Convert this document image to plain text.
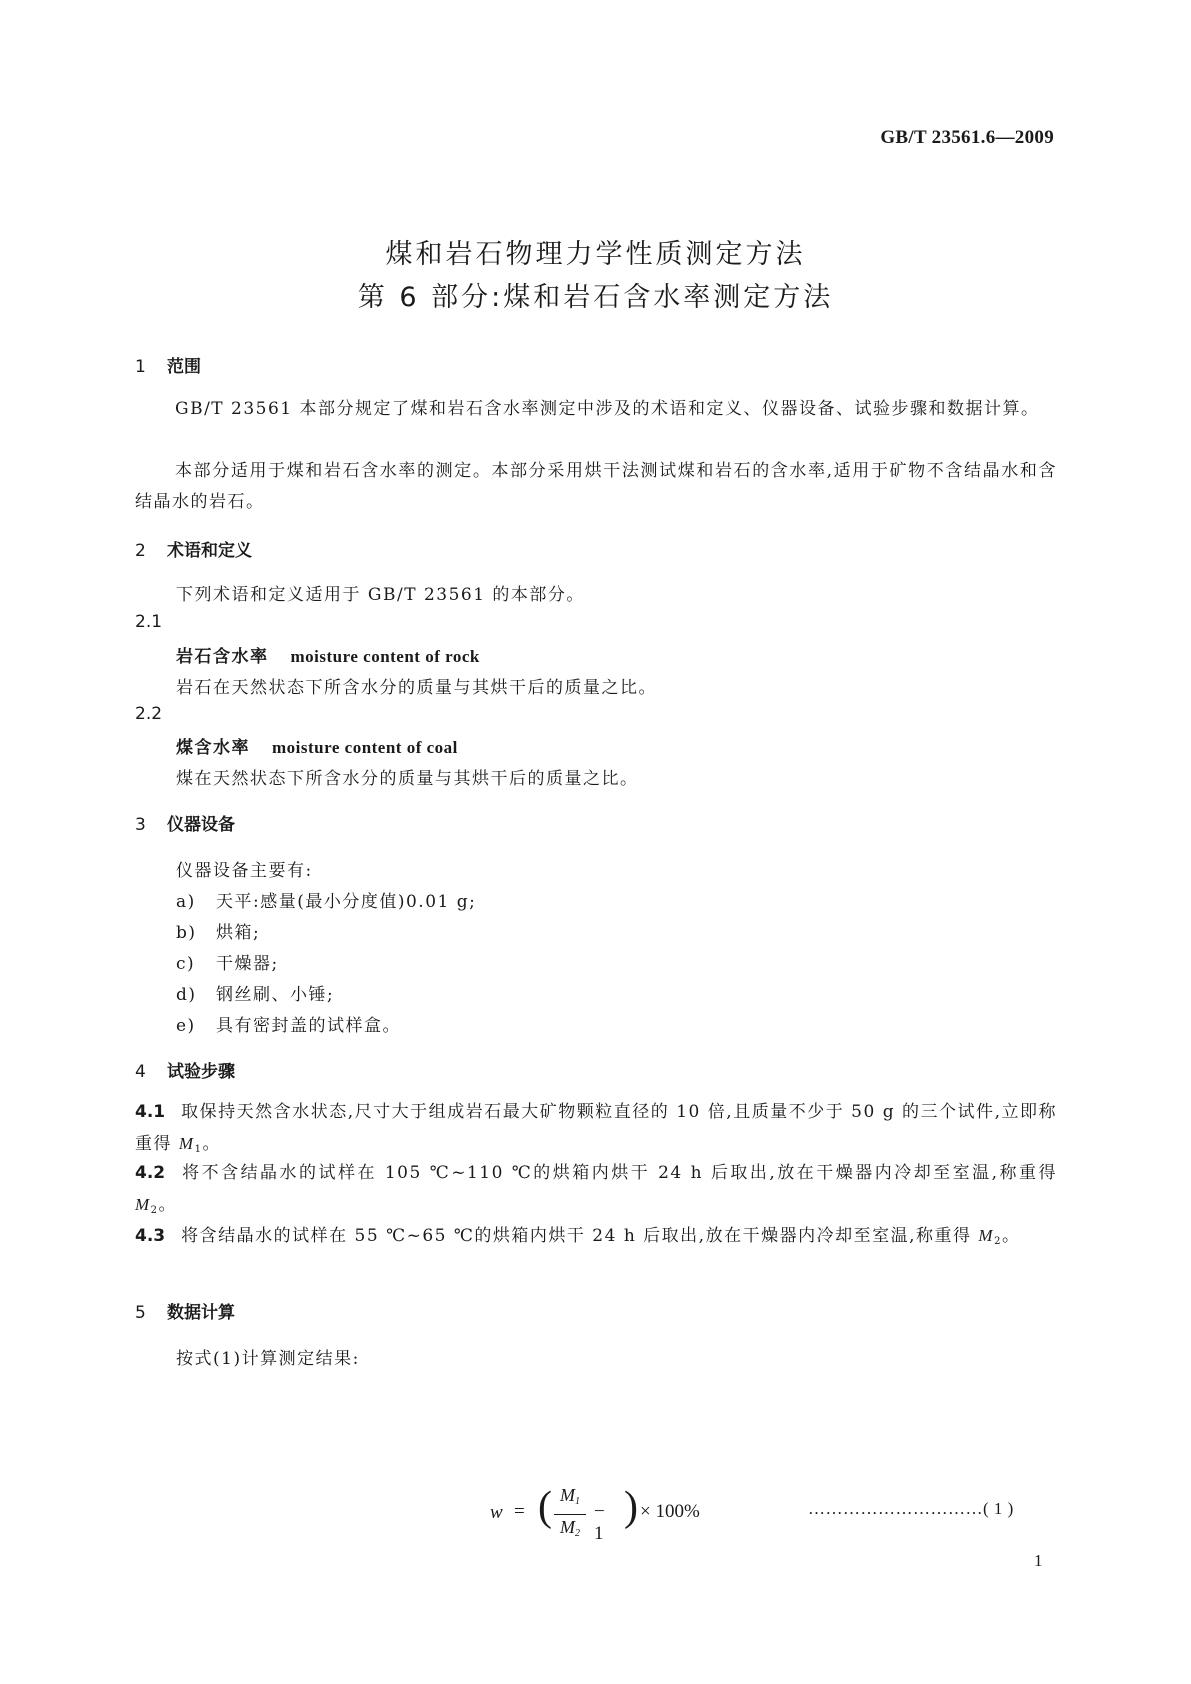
GB/T 23561.6—2009
煤和岩石物理力学性质测定方法
第 6 部分:煤和岩石含水率测定方法
1 范围
GB/T 23561 本部分规定了煤和岩石含水率测定中涉及的术语和定义、仪器设备、试验步骤和数据计算。
本部分适用于煤和岩石含水率的测定。本部分采用烘干法测试煤和岩石的含水率,适用于矿物不含结晶水和含结晶水的岩石。
2 术语和定义
下列术语和定义适用于 GB/T 23561 的本部分。
2.1
岩石含水率 moisture content of rock
岩石在天然状态下所含水分的质量与其烘干后的质量之比。
2.2
煤含水率 moisture content of coal
煤在天然状态下所含水分的质量与其烘干后的质量之比。
3 仪器设备
仪器设备主要有:
a) 天平:感量(最小分度值)0.01 g;
b) 烘箱;
c) 干燥器;
d) 钢丝刷、小锤;
e) 具有密封盖的试样盒。
4 试验步骤
4.1 取保持天然含水状态,尺寸大于组成岩石最大矿物颗粒直径的 10 倍,且质量不少于 50 g 的三个试件,立即称重得 $M_1$。
4.2 将不含结晶水的试样在 105 ℃~110 ℃的烘箱内烘干 24 h 后取出,放在干燥器内冷却至室温,称重得 $M_2$。
4.3 将含结晶水的试样在 55 ℃~65 ℃的烘箱内烘干 24 h 后取出,放在干燥器内冷却至室温,称重得 $M_2$。
5 数据计算
按式(1)计算测定结果:
w = ( $M_1$
$M_2$
− 1
) × 100%	…………………………( 1 )
1
